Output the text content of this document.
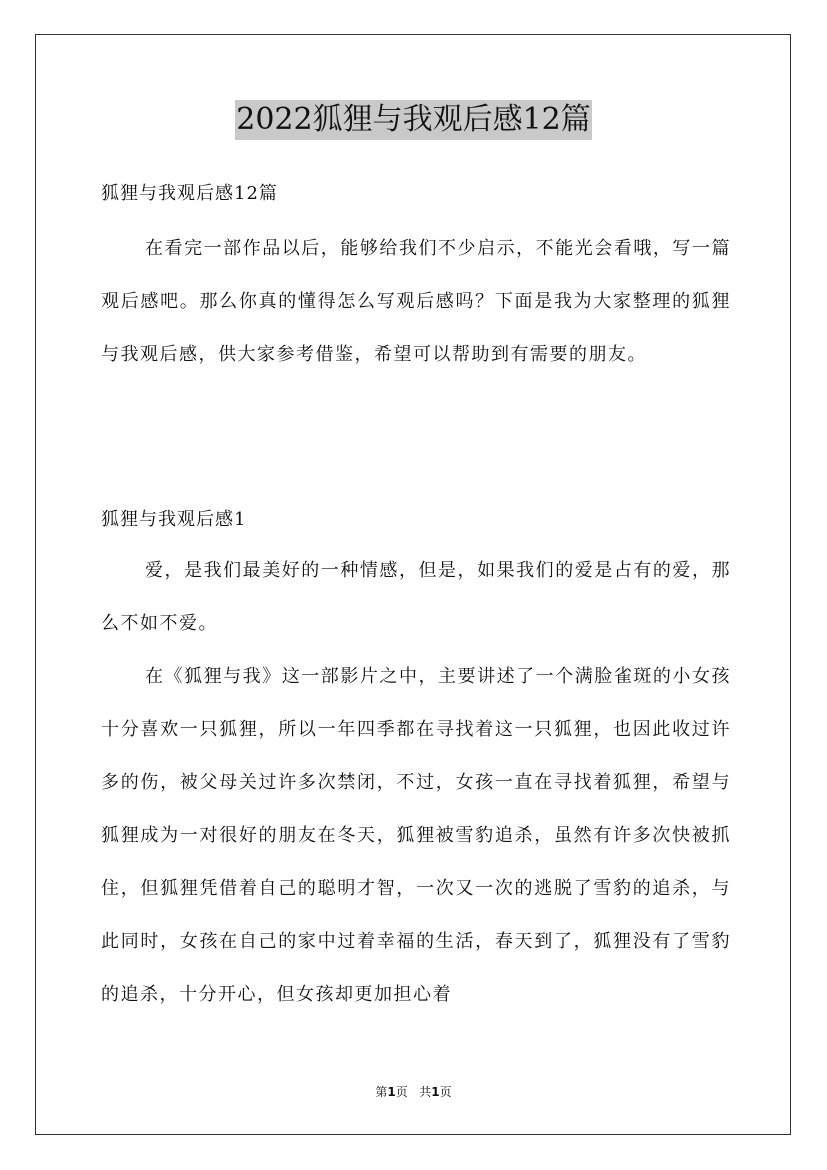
2022狐狸与我观后感12篇
狐狸与我观后感12篇

在看完一部作品以后，能够给我们不少启示，不能光会看哦，写一篇观后感吧。那么你真的懂得怎么写观后感吗？下面是我为大家整理的狐狸与我观后感，供大家参考借鉴，希望可以帮助到有需要的朋友。

狐狸与我观后感1

爱，是我们最美好的一种情感，但是，如果我们的爱是占有的爱，那么不如不爱。

在《狐狸与我》这一部影片之中，主要讲述了一个满脸雀斑的小女孩十分喜欢一只狐狸，所以一年四季都在寻找着这一只狐狸，也因此收过许多的伤，被父母关过许多次禁闭，不过，女孩一直在寻找着狐狸，希望与狐狸成为一对很好的朋友在冬天，狐狸被雪豹追杀，虽然有许多次快被抓住，但狐狸凭借着自己的聪明才智，一次又一次的逃脱了雪豹的追杀，与此同时，女孩在自己的家中过着幸福的生活，春天到了，狐狸没有了雪豹的追杀，十分开心，但女孩却更加担心着

第1页 共1页
